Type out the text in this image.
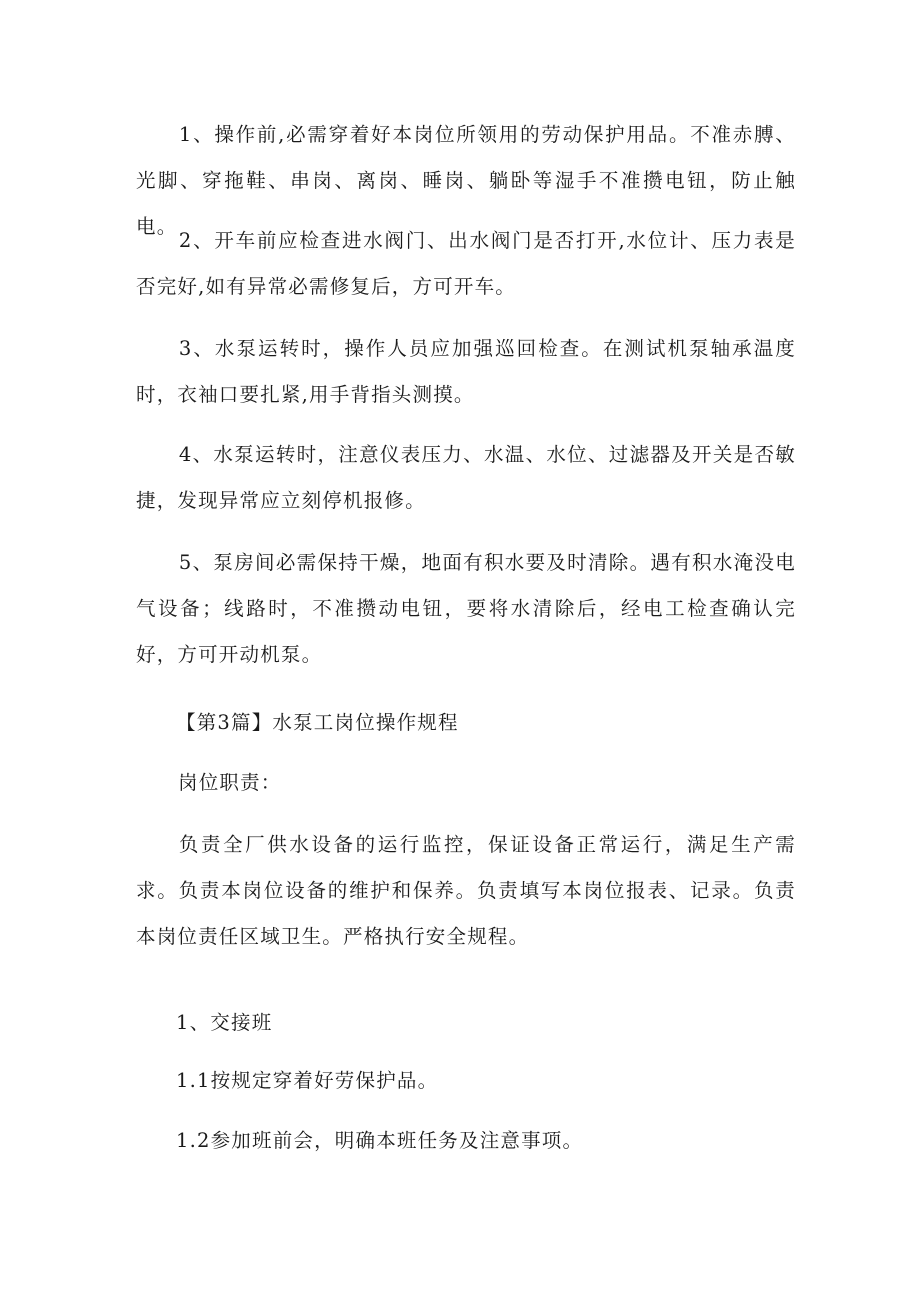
1、操作前,必需穿着好本岗位所领用的劳动保护用品。不准赤膊、光脚、穿拖鞋、串岗、离岗、睡岗、躺卧等湿手不准攒电钮，防止触电。

2、开车前应检查进水阀门、出水阀门是否打开,水位计、压力表是否完好,如有异常必需修复后，方可开车。

3、水泵运转时，操作人员应加强巡回检查。在测试机泵轴承温度时，衣袖口要扎紧,用手背指头测摸。

4、水泵运转时，注意仪表压力、水温、水位、过滤器及开关是否敏捷，发现异常应立刻停机报修。

5、泵房间必需保持干燥，地面有积水要及时清除。遇有积水淹没电气设备；线路时，不准攒动电钮，要将水清除后，经电工检查确认完好，方可开动机泵。

【第3篇】水泵工岗位操作规程

岗位职责：

负责全厂供水设备的运行监控，保证设备正常运行，满足生产需求。负责本岗位设备的维护和保养。负责填写本岗位报表、记录。负责本岗位责任区域卫生。严格执行安全规程。

1、交接班

1.1按规定穿着好劳保护品。

1.2参加班前会，明确本班任务及注意事项。
